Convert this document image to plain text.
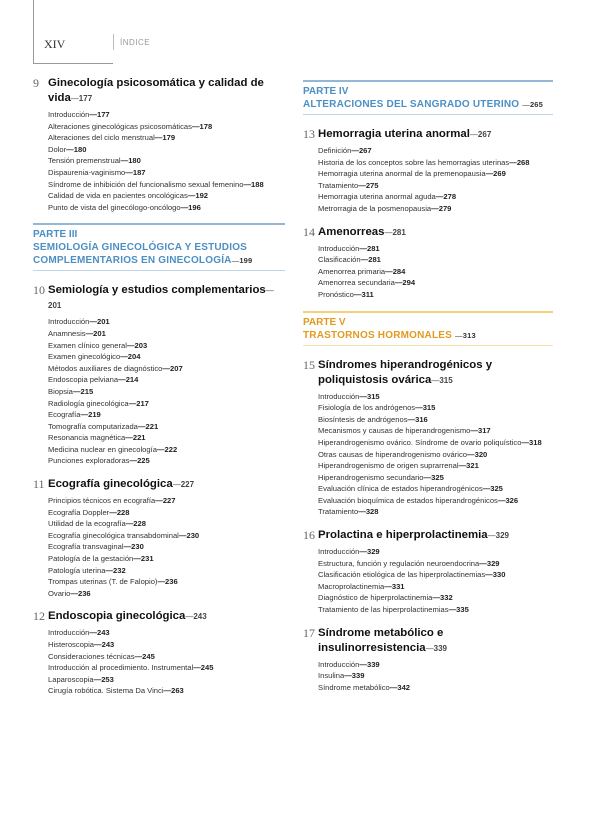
XIV	ÍNDICE
9 Ginecología psicosomática y calidad de vida—177
Introducción—177
Alteraciones ginecológicas psicosomáticas—178
Alteraciones del ciclo menstrual—179
Dolor—180
Tensión premenstrual—180
Dispaurenia-vaginismo—187
Síndrome de inhibición del funcionalismo sexual femenino—188
Calidad de vida en pacientes oncológicas—192
Punto de vista del ginecólogo-oncólogo—196
PARTE III
SEMIOLOGÍA GINECOLÓGICA Y ESTUDIOS COMPLEMENTARIOS EN GINECOLOGÍA—199
10 Semiología y estudios complementarios—201
Introducción—201
Anamnesis—201
Examen clínico general—203
Examen ginecológico—204
Métodos auxiliares de diagnóstico—207
Endoscopia pelviana—214
Biopsia—215
Radiología ginecológica—217
Ecografía—219
Tomografía computarizada—221
Resonancia magnética—221
Medicina nuclear en ginecología—222
Punciones exploradoras—225
11 Ecografía ginecológica—227
Principios técnicos en ecografía—227
Ecografía Doppler—228
Utilidad de la ecografía—228
Ecografía ginecológica transabdominal—230
Ecografía transvaginal—230
Patología de la gestación—231
Patología uterina—232
Trompas uterinas (T. de Falopio)—236
Ovario—236
12 Endoscopia ginecológica—243
Introducción—243
Histeroscopia—243
Consideraciones técnicas—245
Introducción al procedimiento. Instrumental—245
Laparoscopia—253
Cirugía robótica. Sistema Da Vinci—263
PARTE IV
ALTERACIONES DEL SANGRADO UTERINO —265
13 Hemorragia uterina anormal—267
Definición—267
Historia de los conceptos sobre las hemorragias uterinas—268
Hemorragia uterina anormal de la premenopausia—269
Tratamiento—275
Hemorragia uterina anormal aguda—278
Metrorragia de la posmenopausia—279
14 Amenorreas—281
Introducción—281
Clasificación—281
Amenorrea primaria—284
Amenorrea secundaria—294
Pronóstico—311
PARTE V
TRASTORNOS HORMONALES —313
15 Síndromes hiperandrogénicos y poliquistosis ovárica—315
Introducción—315
Fisiología de los andrógenos—315
Biosíntesis de andrógenos—316
Mecanismos y causas de hiperandrogenismo—317
Hiperandrogenismo ovárico. Síndrome de ovario poliquístico—318
Otras causas de hiperandrogenismo ovárico—320
Hiperandrogenismo de origen suprarrenal—321
Hiperandrogenismo secundario—325
Evaluación clínica de estados hiperandrogénicos—325
Evaluación bioquímica de estados hiperandrogénicos—326
Tratamiento—328
16 Prolactina e hiperprolactinemia—329
Introducción—329
Estructura, función y regulación neuroendocrina—329
Clasificación etiológica de las hiperprolactinemias—330
Macroprolactinemia—331
Diagnóstico de hiperprolactinemia—332
Tratamiento de las hiperprolactinemias—335
17 Síndrome metabólico e insulinorresistencia—339
Introducción—339
Insulina—339
Síndrome metabólico—342
